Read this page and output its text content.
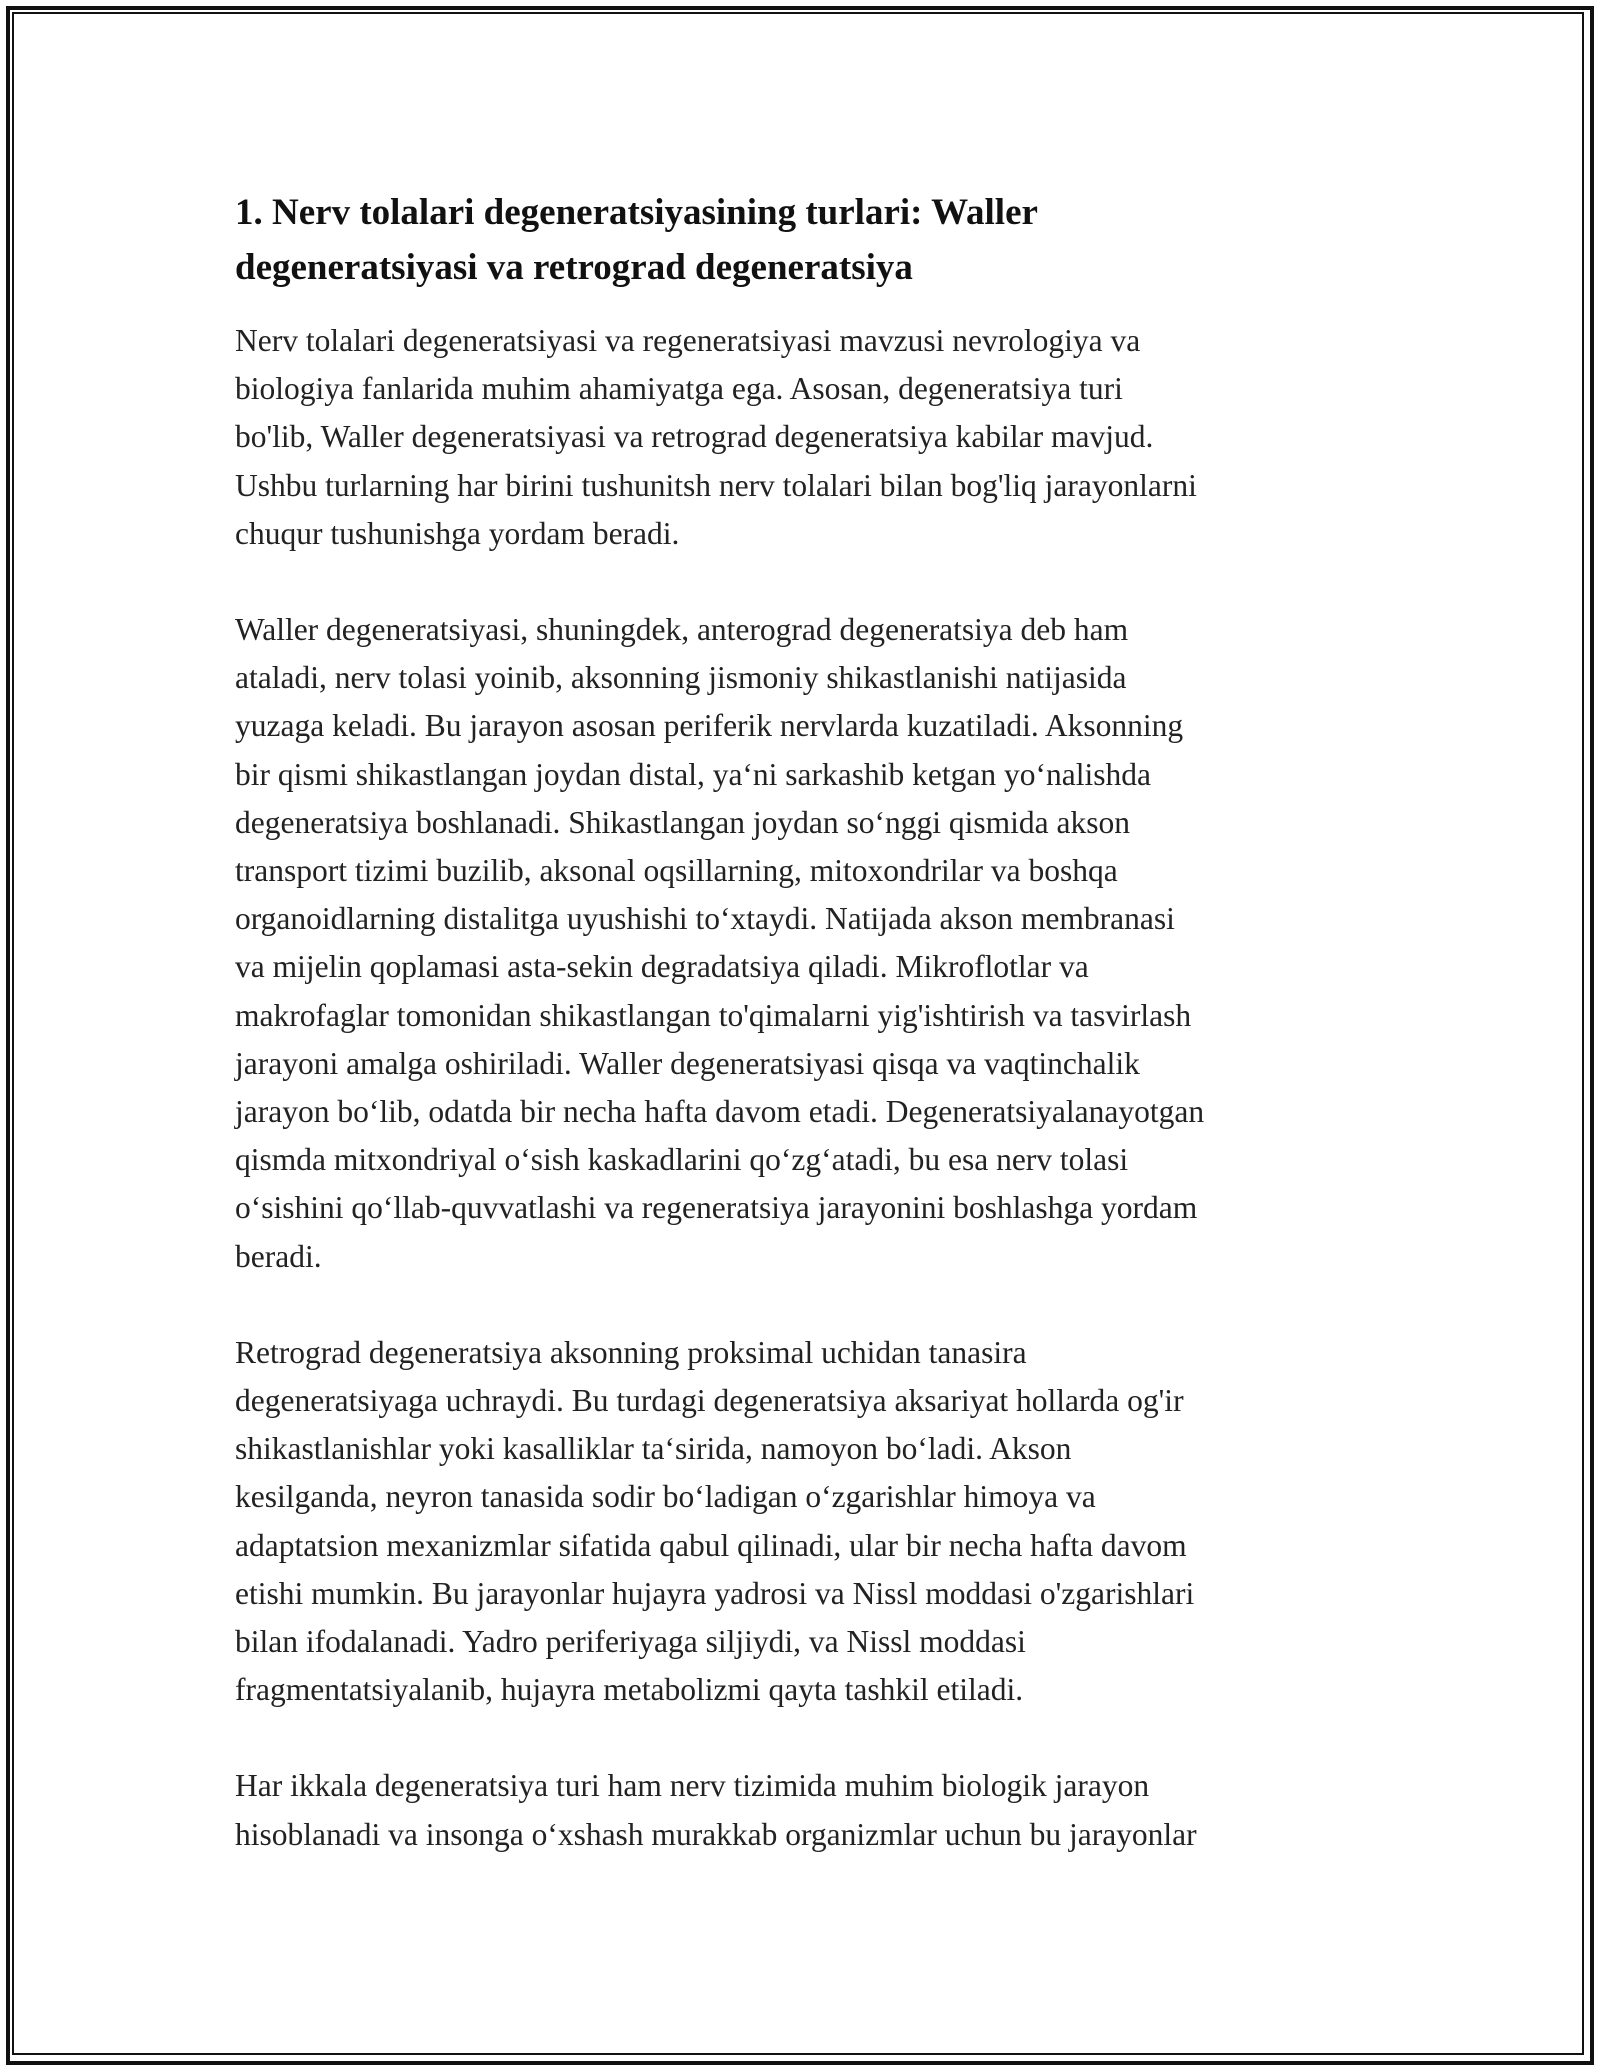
1. Nerv tolalari degeneratsiyasining turlari: Waller
degeneratsiyasi va retrograd degeneratsiya

Nerv tolalari degeneratsiyasi va regeneratsiyasi mavzusi nevrologiya va
biologiya fanlarida muhim ahamiyatga ega. Asosan, degeneratsiya turi
bo'lib, Waller degeneratsiyasi va retrograd degeneratsiya kabilar mavjud.
Ushbu turlarning har birini tushunitsh nerv tolalari bilan bog'liq jarayonlarni
chuqur tushunishga yordam beradi.

Waller degeneratsiyasi, shuningdek, anterograd degeneratsiya deb ham
ataladi, nerv tolasi yoinib, aksonning jismoniy shikastlanishi natijasida
yuzaga keladi. Bu jarayon asosan periferik nervlarda kuzatiladi. Aksonning
bir qismi shikastlangan joydan distal, ya‘ni sarkashib ketgan yo‘nalishda
degeneratsiya boshlanadi. Shikastlangan joydan so‘nggi qismida akson
transport tizimi buzilib, aksonal oqsillarning, mitoxondrilar va boshqa
organoidlarning distalitga uyushishi to‘xtaydi. Natijada akson membranasi
va mijelin qoplamasi asta-sekin degradatsiya qiladi. Mikroflotlar va
makrofaglar tomonidan shikastlangan to'qimalarni yig'ishtirish va tasvirlash
jarayoni amalga oshiriladi. Waller degeneratsiyasi qisqa va vaqtinchalik
jarayon bo‘lib, odatda bir necha hafta davom etadi. Degeneratsiyalanayotgan
qismda mitxondriyal o‘sish kaskadlarini qo‘zg‘atadi, bu esa nerv tolasi
o‘sishini qo‘llab-quvvatlashi va regeneratsiya jarayonini boshlashga yordam
beradi.

Retrograd degeneratsiya aksonning proksimal uchidan tanasira
degeneratsiyaga uchraydi. Bu turdagi degeneratsiya aksariyat hollarda og'ir
shikastlanishlar yoki kasalliklar ta‘sirida, namoyon bo‘ladi. Akson
kesilganda, neyron tanasida sodir bo‘ladigan o‘zgarishlar himoya va
adaptatsion mexanizmlar sifatida qabul qilinadi, ular bir necha hafta davom
etishi mumkin. Bu jarayonlar hujayra yadrosi va Nissl moddasi o'zgarishlari
bilan ifodalanadi. Yadro periferiyaga siljiydi, va Nissl moddasi
fragmentatsiyalanib, hujayra metabolizmi qayta tashkil etiladi.

Har ikkala degeneratsiya turi ham nerv tizimida muhim biologik jarayon
hisoblanadi va insonga o‘xshash murakkab organizmlar uchun bu jarayonlar
